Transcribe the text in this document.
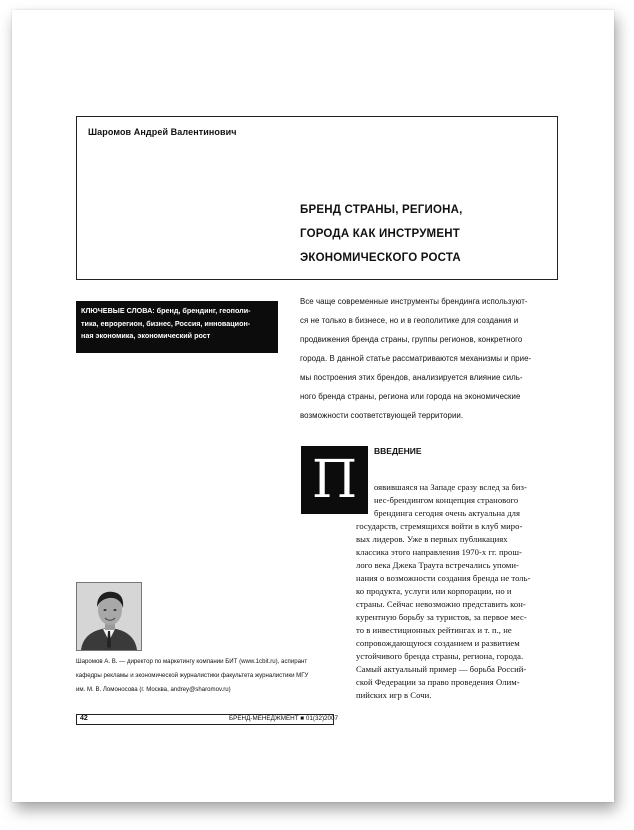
Шаромов Андрей Валентинович
БРЕНД СТРАНЫ, РЕГИОНА,
ГОРОДА КАК ИНСТРУМЕНТ
ЭКОНОМИЧЕСКОГО РОСТА
КЛЮЧЕВЫЕ СЛОВА: бренд, брендинг, геополи-
тика, еврорегион, бизнес, Россия, инновацион-
ная экономика, экономический рост
Все чаще современные инструменты брендинга используют-
ся не только в бизнесе, но и в геополитике для создания и
продвижения бренда страны, группы регионов, конкретного
города. В данной статье рассматриваются механизмы и прие-
мы построения этих брендов, анализируется влияние силь-
ного бренда страны, региона или города на экономические
возможности соответствующей территории.
П	ВВЕДЕНИЕ
оявившаяся на Западе сразу вслед за биз-
нес-брендингом концепция странового
брендинга сегодня очень актуальна для
государств, стремящихся войти в клуб миро-
вых лидеров. Уже в первых публикациях
классика этого направления 1970-х гг. прош-
лого века Джека Траута встречались упоми-
нания о возможности создания бренда не толь-
ко продукта, услуги или корпорации, но и
страны. Сейчас невозможно представить кон-
курентную борьбу за туристов, за первое мес-
то в инвестиционных рейтингах и т. п., не
сопровождающуюся созданием и развитием
устойчивого бренда страны, региона, города.
Самый актуальный пример — борьба Россий-
ской Федерации за право проведения Олим-
пийских игр в Сочи.
Шаромов А. В. — директор по маркетингу компании БИТ (www.1cbit.ru), аспирант
кафедры рекламы и экономической журналистики факультета журналистики МГУ
им. М. В. Ломоносова (г. Москва, andrey@sharomov.ru)
42	БРЕНД-МЕНЕДЖМЕНТ ■ 01(32)2007
